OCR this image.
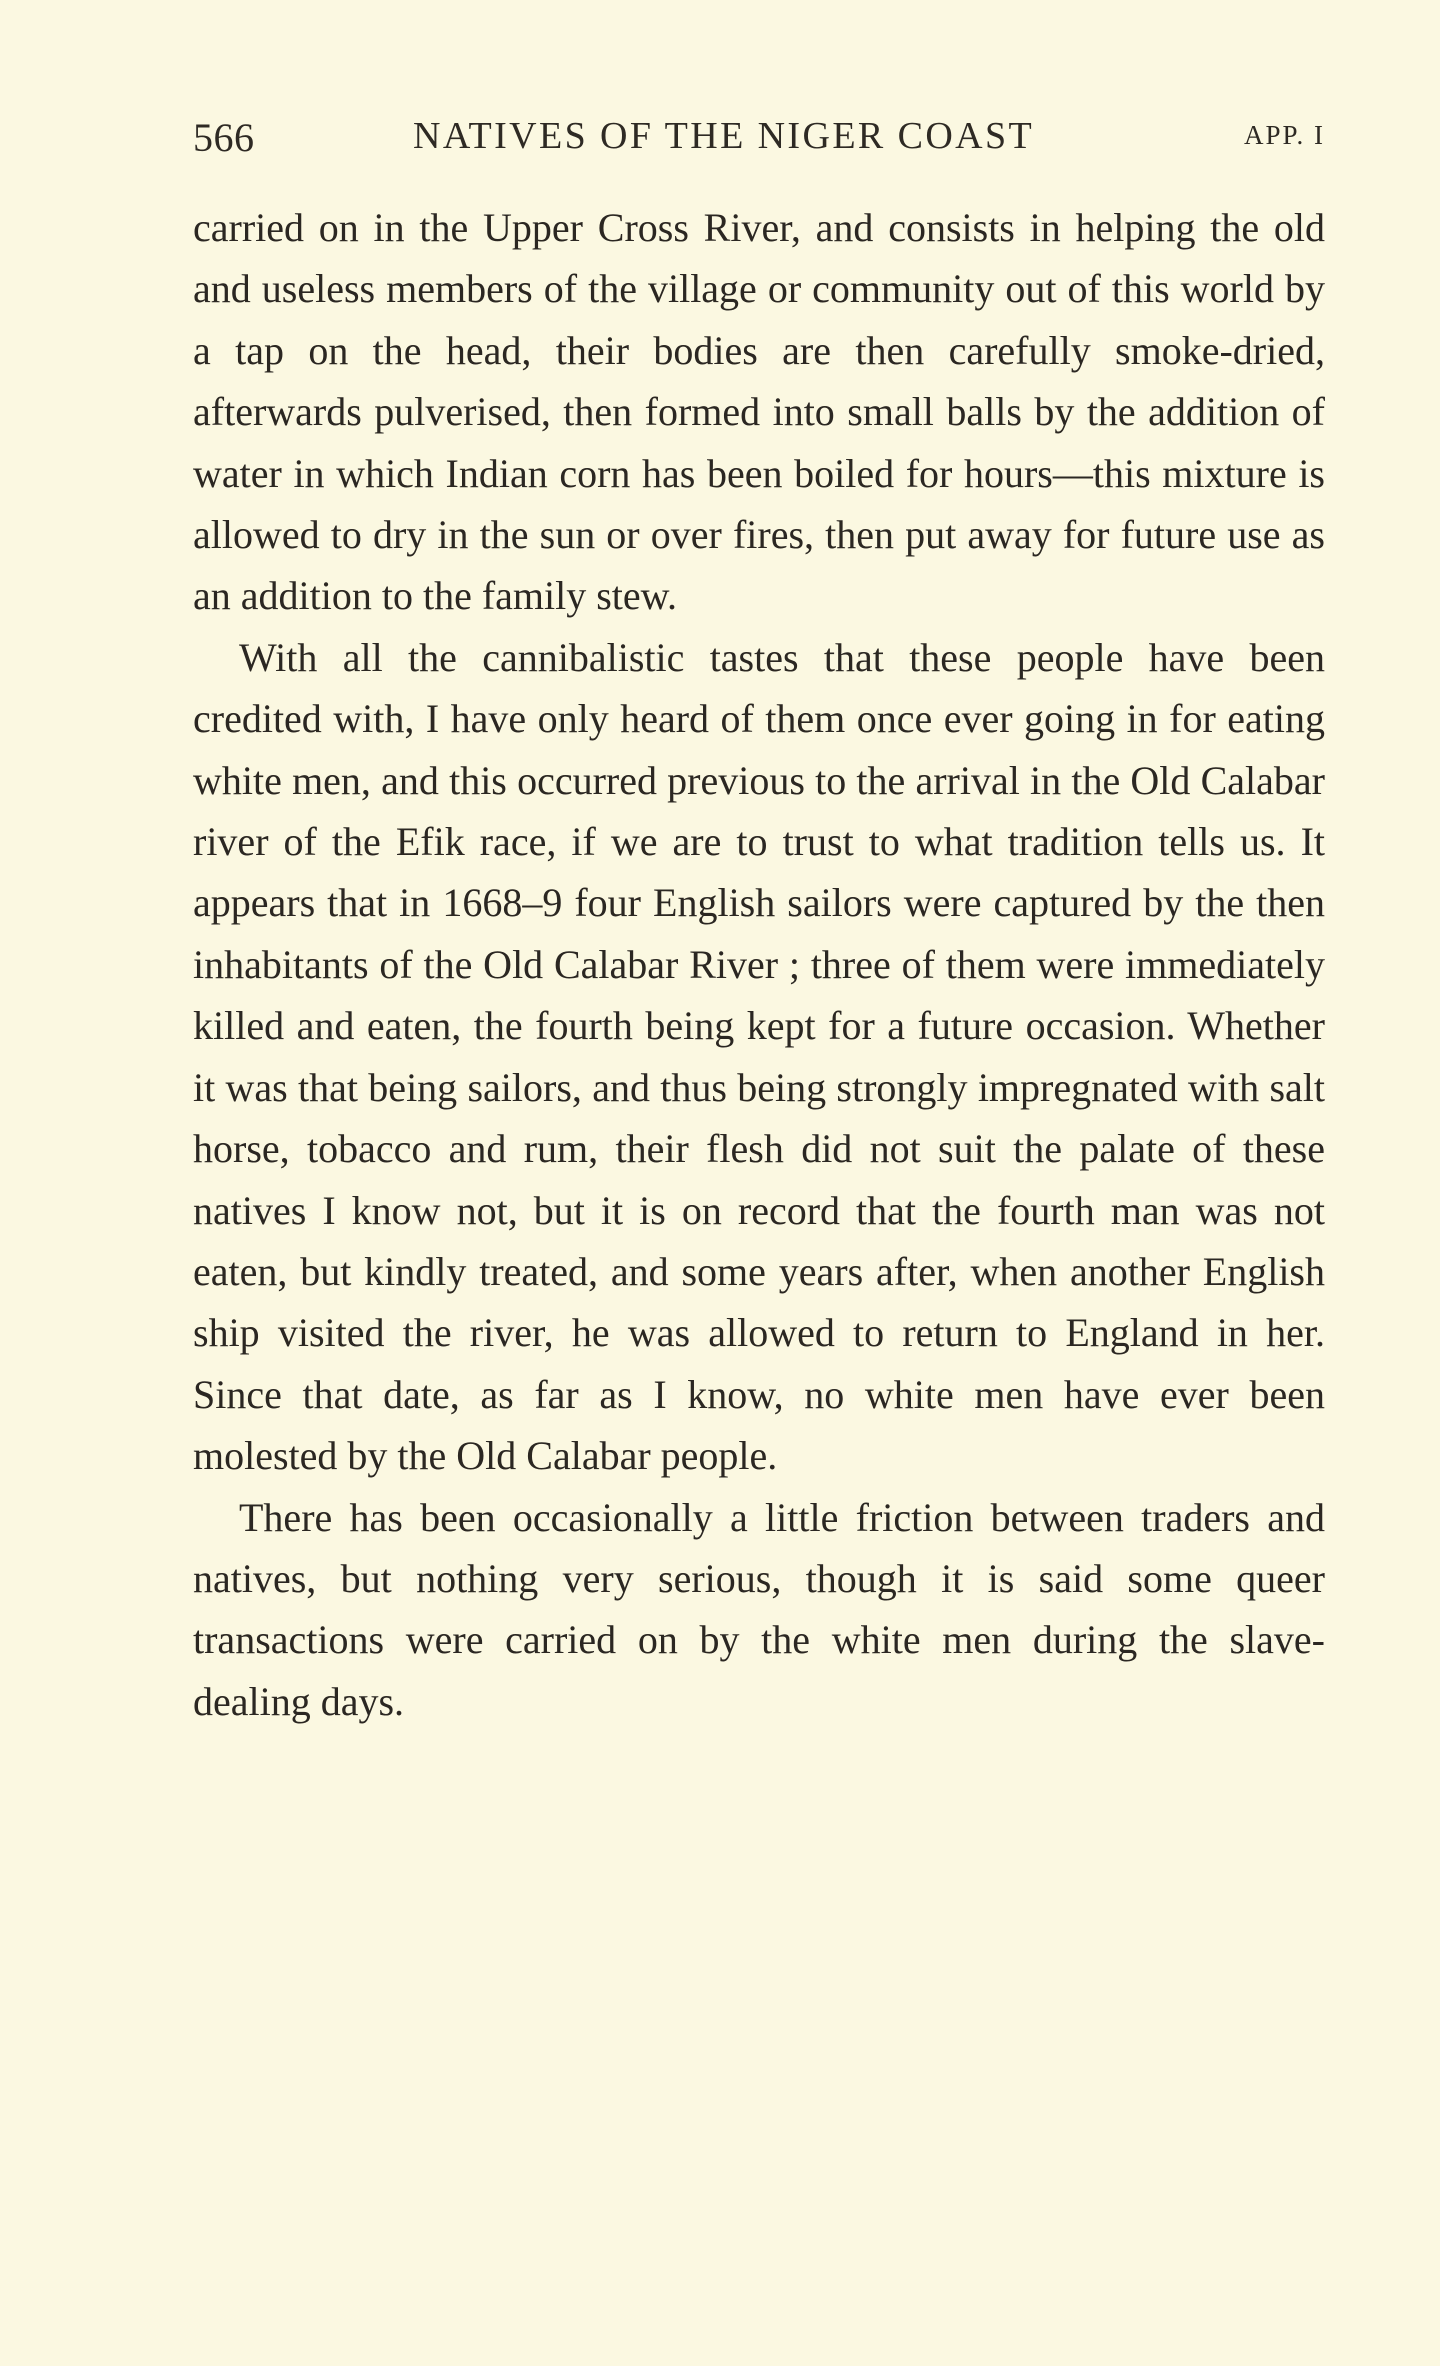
566	NATIVES OF THE NIGER COAST	APP. I

carried on in the Upper Cross River, and consists in helping the old and useless members of the village or community out of this world by a tap on the head, their bodies are then carefully smoke-dried, afterwards pulverised, then formed into small balls by the addition of water in which Indian corn has been boiled for hours—this mixture is allowed to dry in the sun or over fires, then put away for future use as an addition to the family stew.

With all the cannibalistic tastes that these people have been credited with, I have only heard of them once ever going in for eating white men, and this occurred previous to the arrival in the Old Calabar river of the Efik race, if we are to trust to what tradition tells us. It appears that in 1668–9 four English sailors were captured by the then inhabitants of the Old Calabar River ; three of them were immediately killed and eaten, the fourth being kept for a future occasion. Whether it was that being sailors, and thus being strongly impregnated with salt horse, tobacco and rum, their flesh did not suit the palate of these natives I know not, but it is on record that the fourth man was not eaten, but kindly treated, and some years after, when another English ship visited the river, he was allowed to return to England in her. Since that date, as far as I know, no white men have ever been molested by the Old Calabar people.

There has been occasionally a little friction between traders and natives, but nothing very serious, though it is said some queer transactions were carried on by the white men during the slave-dealing days.
